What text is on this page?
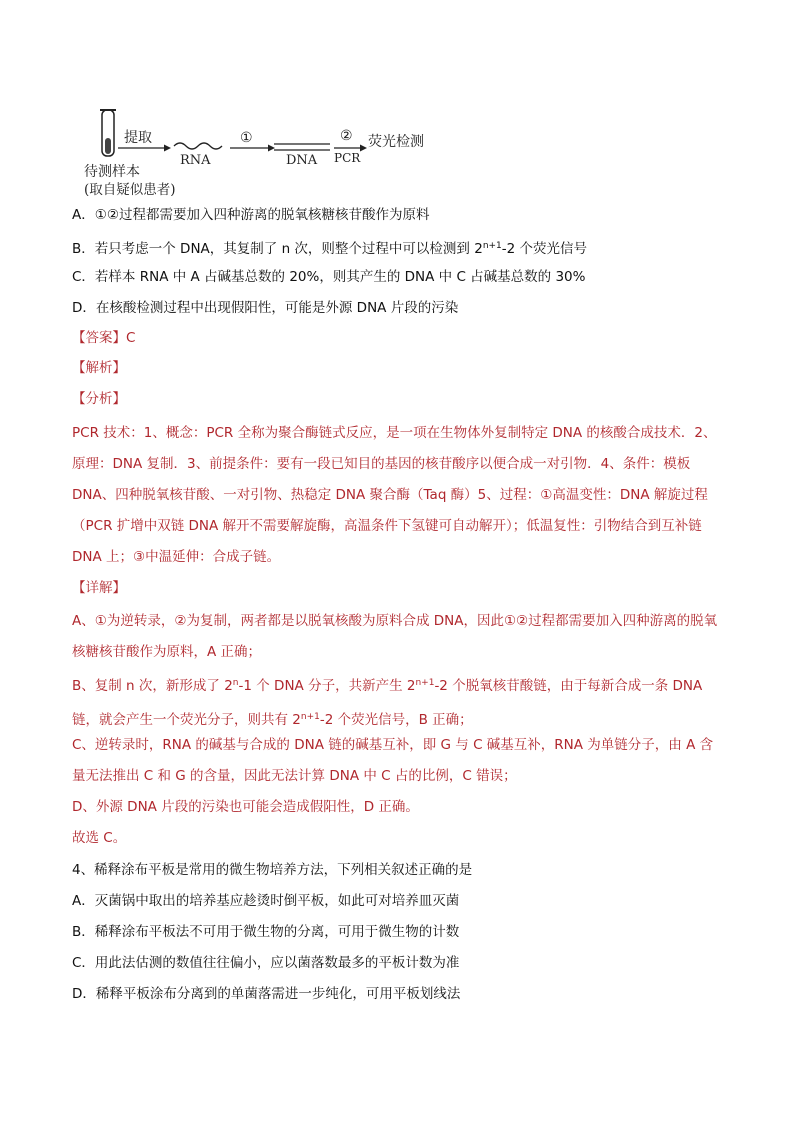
提取
RNA
①
DNA
②
PCR
荧光检测
待测样本
(取自疑似患者)
A．①②过程都需要加入四种游离的脱氧核糖核苷酸作为原料
B．若只考虑一个 DNA，其复制了 n 次，则整个过程中可以检测到 $2^{n+1}-2$ 个荧光信号
C．若样本 RNA 中 A 占碱基总数的 20%，则其产生的 DNA 中 C 占碱基总数的 30%
D．在核酸检测过程中出现假阳性，可能是外源 DNA 片段的污染
【答案】C
【解析】
【分析】
PCR 技术：1、概念：PCR 全称为聚合酶链式反应，是一项在生物体外复制特定 DNA 的核酸合成技术．2、原理：DNA 复制．3、前提条件：要有一段已知目的基因的核苷酸序以便合成一对引物．4、条件：模板 DNA、四种脱氧核苷酸、一对引物、热稳定 DNA 聚合酶（Taq 酶）5、过程：①高温变性：DNA 解旋过程（PCR 扩增中双链 DNA 解开不需要解旋酶，高温条件下氢键可自动解开）；低温复性：引物结合到互补链 DNA 上；③中温延伸：合成子链。
【详解】
A、①为逆转录，②为复制，两者都是以脱氧核酸为原料合成 DNA，因此①②过程都需要加入四种游离的脱氧核糖核苷酸作为原料，A 正确；
B、复制 n 次，新形成了 2$^n$-1 个 DNA 分子，共新产生 $2^{n+1}-2$ 个脱氧核苷酸链，由于每新合成一条 DNA 链，就会产生一个荧光分子，则共有 $2^{n+1}-2$ 个荧光信号，B 正确；
C、逆转录时，RNA 的碱基与合成的 DNA 链的碱基互补，即 G 与 C 碱基互补，RNA 为单链分子，由 A 含量无法推出 C 和 G 的含量，因此无法计算 DNA 中 C 占的比例，C 错误；
D、外源 DNA 片段的污染也可能会造成假阳性，D 正确。
故选 C。
4、稀释涂布平板是常用的微生物培养方法，下列相关叙述正确的是
A．灭菌锅中取出的培养基应趁烫时倒平板，如此可对培养皿灭菌
B．稀释涂布平板法不可用于微生物的分离，可用于微生物的计数
C．用此法估测的数值往往偏小，应以菌落数最多的平板计数为准
D．稀释平板涂布分离到的单菌落需进一步纯化，可用平板划线法
